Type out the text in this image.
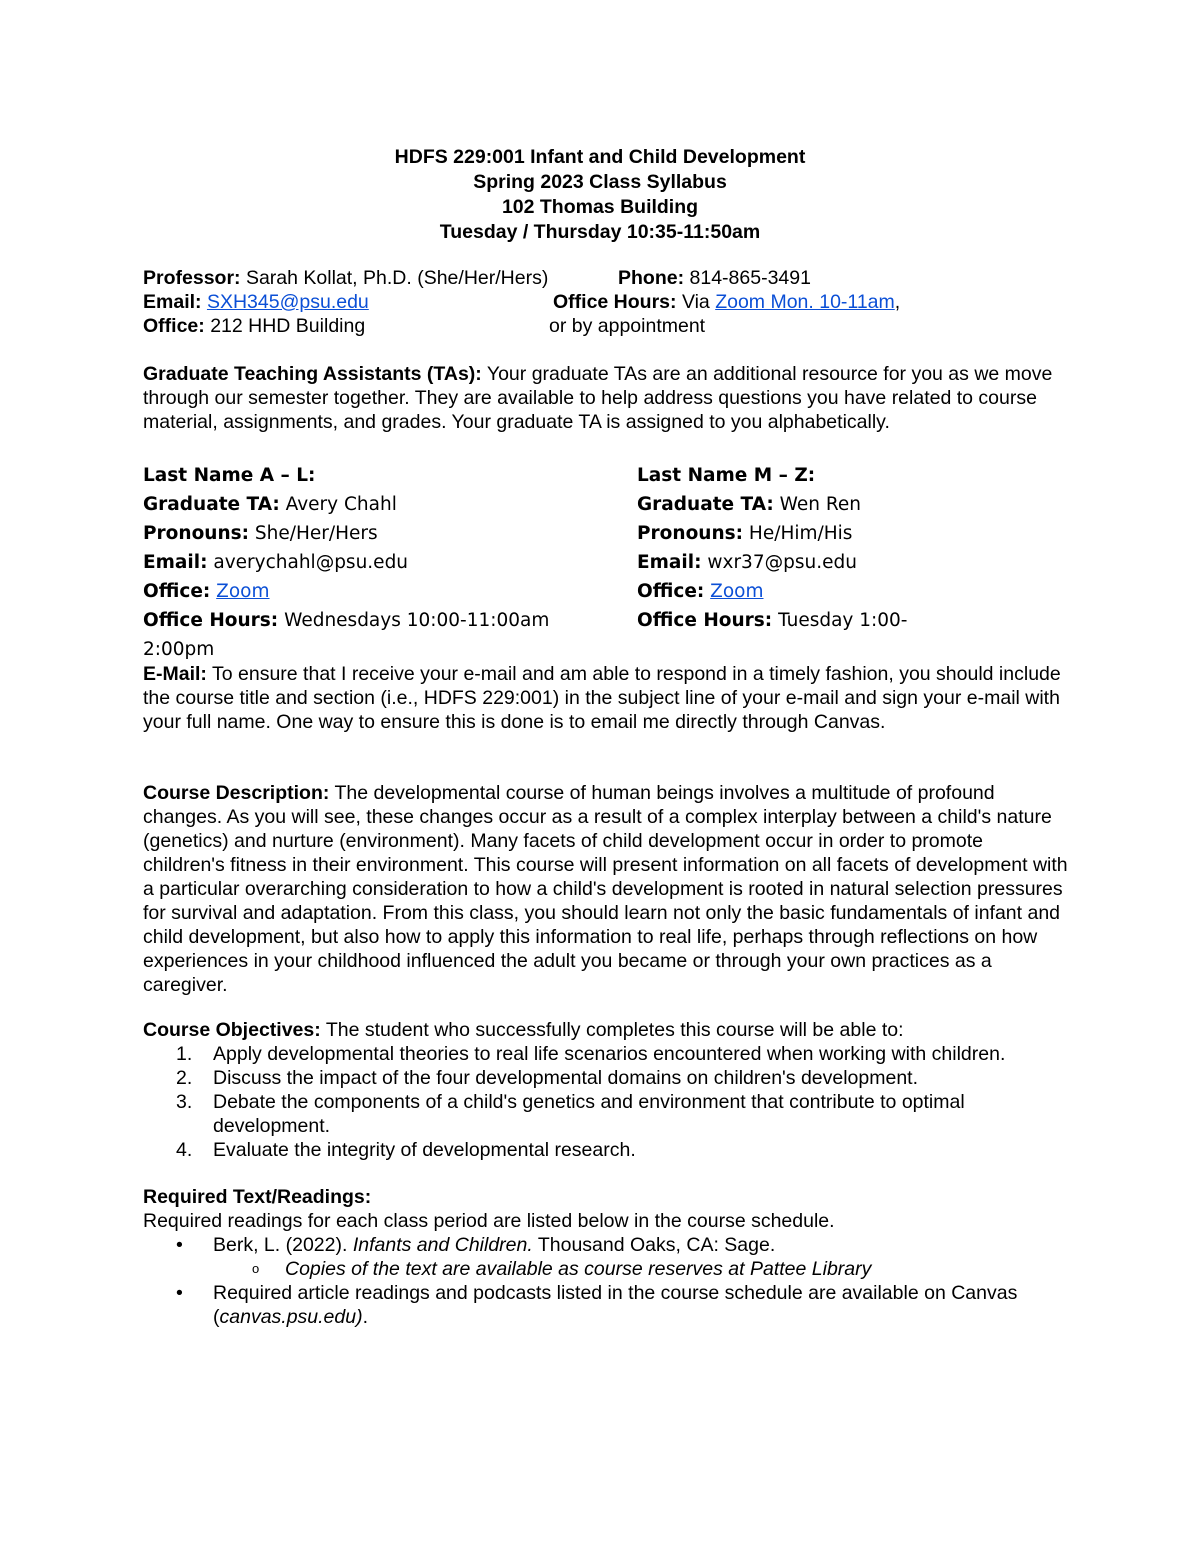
HDFS 229:001 Infant and Child Development
Spring 2023 Class Syllabus
102 Thomas Building
Tuesday / Thursday 10:35-11:50am
Professor: Sarah Kollat, Ph.D. (She/Her/Hers)	Phone: 814-865-3491
Email: SXH345@psu.edu	Office Hours: Via Zoom Mon. 10-11am,
Office: 212 HHD Building	or by appointment
Graduate Teaching Assistants (TAs): Your graduate TAs are an additional resource for you as we move through our semester together. They are available to help address questions you have related to course material, assignments, and grades. Your graduate TA is assigned to you alphabetically.
Last Name A – L:
Graduate TA: Avery Chahl
Pronouns: She/Her/Hers
Email: averychahl@psu.edu
Office: Zoom
Office Hours: Wednesdays 10:00-11:00am
Last Name M – Z:
Graduate TA: Wen Ren
Pronouns: He/Him/His
Email: wxr37@psu.edu
Office: Zoom
Office Hours: Tuesday 1:00-
2:00pm
E-Mail: To ensure that I receive your e-mail and am able to respond in a timely fashion, you should include the course title and section (i.e., HDFS 229:001) in the subject line of your e-mail and sign your e-mail with your full name. One way to ensure this is done is to email me directly through Canvas.
Course Description: The developmental course of human beings involves a multitude of profound changes. As you will see, these changes occur as a result of a complex interplay between a child's nature (genetics) and nurture (environment). Many facets of child development occur in order to promote children's fitness in their environment. This course will present information on all facets of development with a particular overarching consideration to how a child's development is rooted in natural selection pressures for survival and adaptation. From this class, you should learn not only the basic fundamentals of infant and child development, but also how to apply this information to real life, perhaps through reflections on how experiences in your childhood influenced the adult you became or through your own practices as a caregiver.
Course Objectives: The student who successfully completes this course will be able to:
1. Apply developmental theories to real life scenarios encountered when working with children.
2. Discuss the impact of the four developmental domains on children's development.
3. Debate the components of a child's genetics and environment that contribute to optimal development.
4. Evaluate the integrity of developmental research.
Required Text/Readings:
Required readings for each class period are listed below in the course schedule.
• Berk, L. (2022). Infants and Children. Thousand Oaks, CA: Sage.
o Copies of the text are available as course reserves at Pattee Library
• Required article readings and podcasts listed in the course schedule are available on Canvas (canvas.psu.edu).
